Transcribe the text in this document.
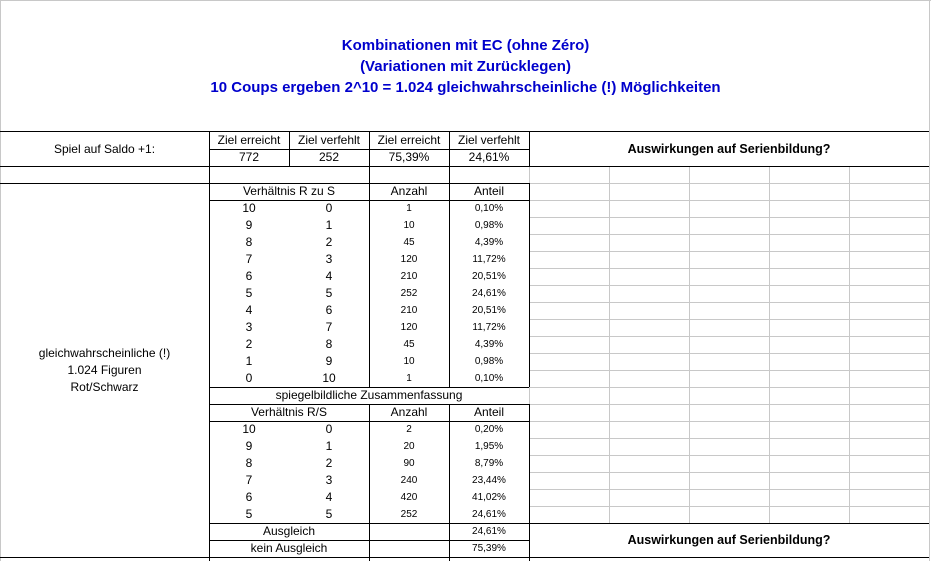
Kombinationen mit EC (ohne Zéro)
(Variationen mit Zurücklegen)
10 Coups ergeben 2^10 = 1.024 gleichwahrscheinliche (!) Möglichkeiten
Spiel auf Saldo +1:
Ziel erreicht	Ziel verfehlt	Ziel erreicht	Ziel verfehlt
772	252	75,39%	24,61%
Auswirkungen auf Serienbildung?
gleichwahrscheinliche (!)
1.024 Figuren
Rot/Schwarz
Verhältnis R zu S	Anzahl	Anteil
10	0	1	0,10%
9	1	10	0,98%
8	2	45	4,39%
7	3	120	11,72%
6	4	210	20,51%
5	5	252	24,61%
4	6	210	20,51%
3	7	120	11,72%
2	8	45	4,39%
1	9	10	0,98%
0	10	1	0,10%
spiegelbildliche Zusammenfassung
Verhältnis R/S	Anzahl	Anteil
10	0	2	0,20%
9	1	20	1,95%
8	2	90	8,79%
7	3	240	23,44%
6	4	420	41,02%
5	5	252	24,61%
Ausgleich	24,61%
kein Ausgleich	75,39%
Auswirkungen auf Serienbildung?
